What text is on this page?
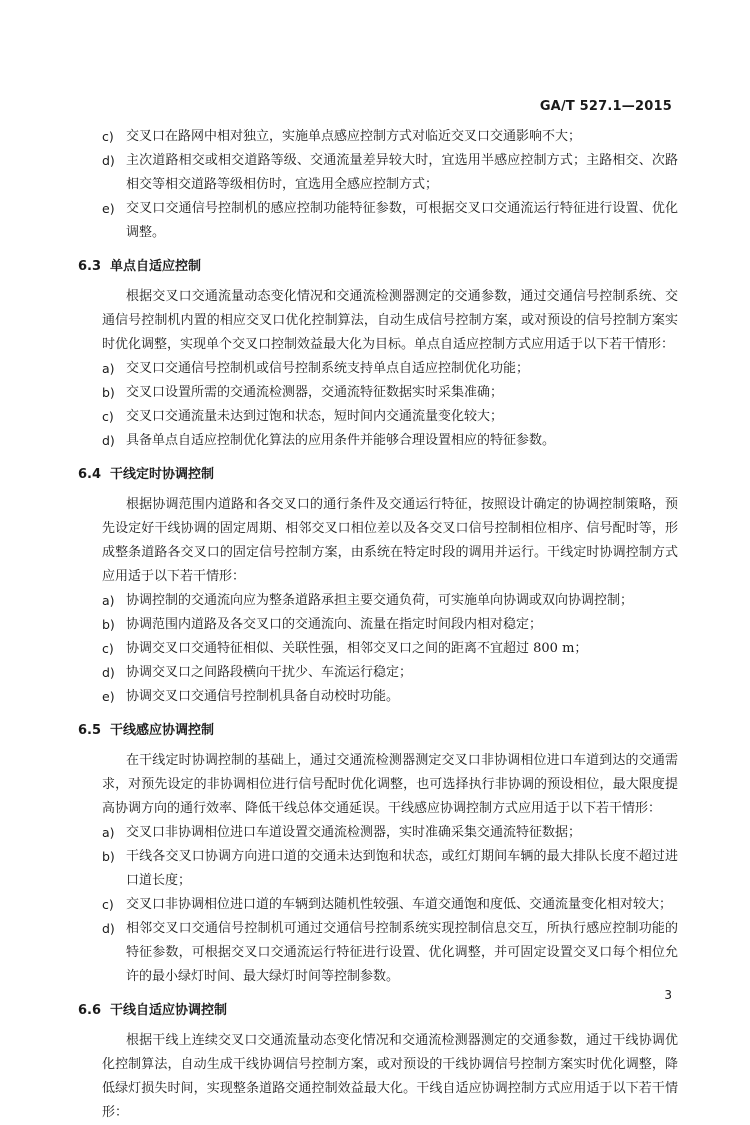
GA/T 527.1—2015

c) 交叉口在路网中相对独立，实施单点感应控制方式对临近交叉口交通影响不大；

d) 主次道路相交或相交道路等级、交通流量差异较大时，宜选用半感应控制方式；主路相交、次路相交等相交道路等级相仿时，宜选用全感应控制方式；

e) 交叉口交通信号控制机的感应控制功能特征参数，可根据交叉口交通流运行特征进行设置、优化调整。

6.3 单点自适应控制

根据交叉口交通流量动态变化情况和交通流检测器测定的交通参数，通过交通信号控制系统、交通信号控制机内置的相应交叉口优化控制算法，自动生成信号控制方案，或对预设的信号控制方案实时优化调整，实现单个交叉口控制效益最大化为目标。单点自适应控制方式应用适于以下若干情形：

a) 交叉口交通信号控制机或信号控制系统支持单点自适应控制优化功能；

b) 交叉口设置所需的交通流检测器，交通流特征数据实时采集准确；

c) 交叉口交通流量未达到过饱和状态，短时间内交通流量变化较大；

d) 具备单点自适应控制优化算法的应用条件并能够合理设置相应的特征参数。

6.4 干线定时协调控制

根据协调范围内道路和各交叉口的通行条件及交通运行特征，按照设计确定的协调控制策略，预先设定好干线协调的固定周期、相邻交叉口相位差以及各交叉口信号控制相位相序、信号配时等，形成整条道路各交叉口的固定信号控制方案，由系统在特定时段的调用并运行。干线定时协调控制方式应用适于以下若干情形：

a) 协调控制的交通流向应为整条道路承担主要交通负荷，可实施单向协调或双向协调控制；

b) 协调范围内道路及各交叉口的交通流向、流量在指定时间段内相对稳定；

c) 协调交叉口交通特征相似、关联性强，相邻交叉口之间的距离不宜超过 800 m；

d) 协调交叉口之间路段横向干扰少、车流运行稳定；

e) 协调交叉口交通信号控制机具备自动校时功能。

6.5 干线感应协调控制

在干线定时协调控制的基础上，通过交通流检测器测定交叉口非协调相位进口车道到达的交通需求，对预先设定的非协调相位进行信号配时优化调整，也可选择执行非协调的预设相位，最大限度提高协调方向的通行效率、降低干线总体交通延误。干线感应协调控制方式应用适于以下若干情形：

a) 交叉口非协调相位进口车道设置交通流检测器，实时准确采集交通流特征数据；

b) 干线各交叉口协调方向进口道的交通未达到饱和状态，或红灯期间车辆的最大排队长度不超过进口道长度；

c) 交叉口非协调相位进口道的车辆到达随机性较强、车道交通饱和度低、交通流量变化相对较大；

d) 相邻交叉口交通信号控制机可通过交通信号控制系统实现控制信息交互，所执行感应控制功能的特征参数，可根据交叉口交通流运行特征进行设置、优化调整，并可固定设置交叉口每个相位允许的最小绿灯时间、最大绿灯时间等控制参数。

6.6 干线自适应协调控制

根据干线上连续交叉口交通流量动态变化情况和交通流检测器测定的交通参数，通过干线协调优化控制算法，自动生成干线协调信号控制方案，或对预设的干线协调信号控制方案实时优化调整，降低绿灯损失时间，实现整条道路交通控制效益最大化。干线自适应协调控制方式应用适于以下若干情形：

3
